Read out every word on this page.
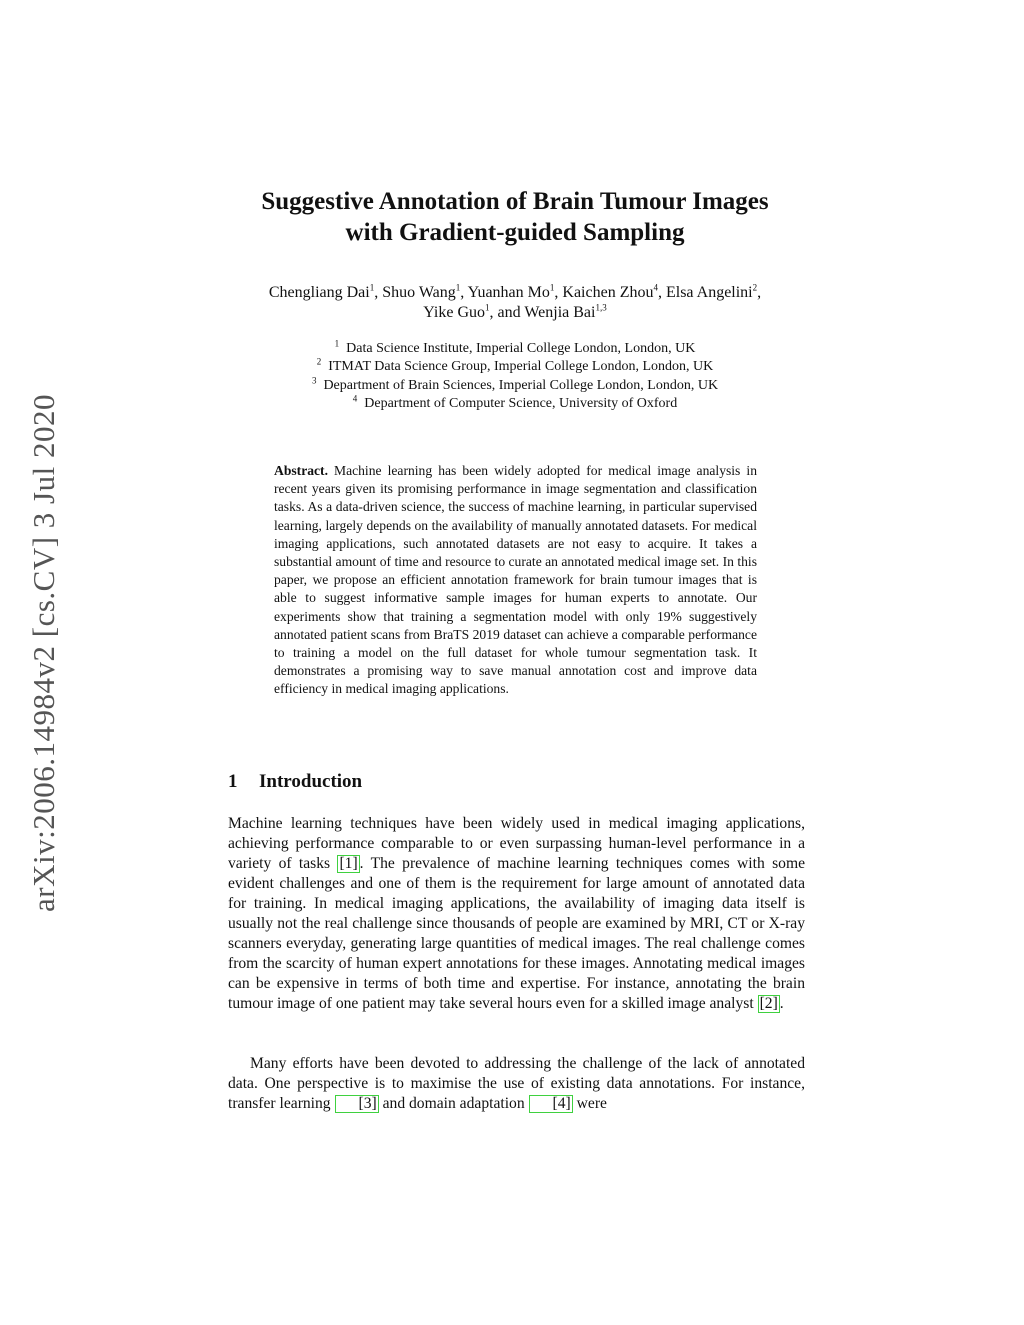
arXiv:2006.14984v2 [cs.CV] 3 Jul 2020
Suggestive Annotation of Brain Tumour Images
with Gradient-guided Sampling
Chengliang Dai$^1$, Shuo Wang$^1$, Yuanhan Mo$^1$, Kaichen Zhou$^4$, Elsa Angelini$^2$,
Yike Guo$^1$, and Wenjia Bai$^{1,3}$
$^1$ Data Science Institute, Imperial College London, London, UK
$^2$ ITMAT Data Science Group, Imperial College London, London, UK
$^3$ Department of Brain Sciences, Imperial College London, London, UK
$^4$ Department of Computer Science, University of Oxford
Abstract. Machine learning has been widely adopted for medical image analysis in recent years given its promising performance in image segmentation and classification tasks. As a data-driven science, the success of machine learning, in particular supervised learning, largely depends on the availability of manually annotated datasets. For medical imaging applications, such annotated datasets are not easy to acquire. It takes a substantial amount of time and resource to curate an annotated medical image set. In this paper, we propose an efficient annotation framework for brain tumour images that is able to suggest informative sample images for human experts to annotate. Our experiments show that training a segmentation model with only 19% suggestively annotated patient scans from BraTS 2019 dataset can achieve a comparable performance to training a model on the full dataset for whole tumour segmentation task. It demonstrates a promising way to save manual annotation cost and improve data efficiency in medical imaging applications.
1 Introduction
Machine learning techniques have been widely used in medical imaging applications, achieving performance comparable to or even surpassing human-level performance in a variety of tasks [1] . The prevalence of machine learning techniques comes with some evident challenges and one of them is the requirement for large amount of annotated data for training. In medical imaging applications, the availability of imaging data itself is usually not the real challenge since thousands of people are examined by MRI, CT or X-ray scanners everyday, generating large quantities of medical images. The real challenge comes from the scarcity of human expert annotations for these images. Annotating medical images can be expensive in terms of both time and expertise. For instance, annotating the brain tumour image of one patient may take several hours even for a skilled image analyst [2] .
Many efforts have been devoted to addressing the challenge of the lack of annotated data. One perspective is to maximise the use of existing data annotations. For instance, transfer learning [3] and domain adaptation [4] were
